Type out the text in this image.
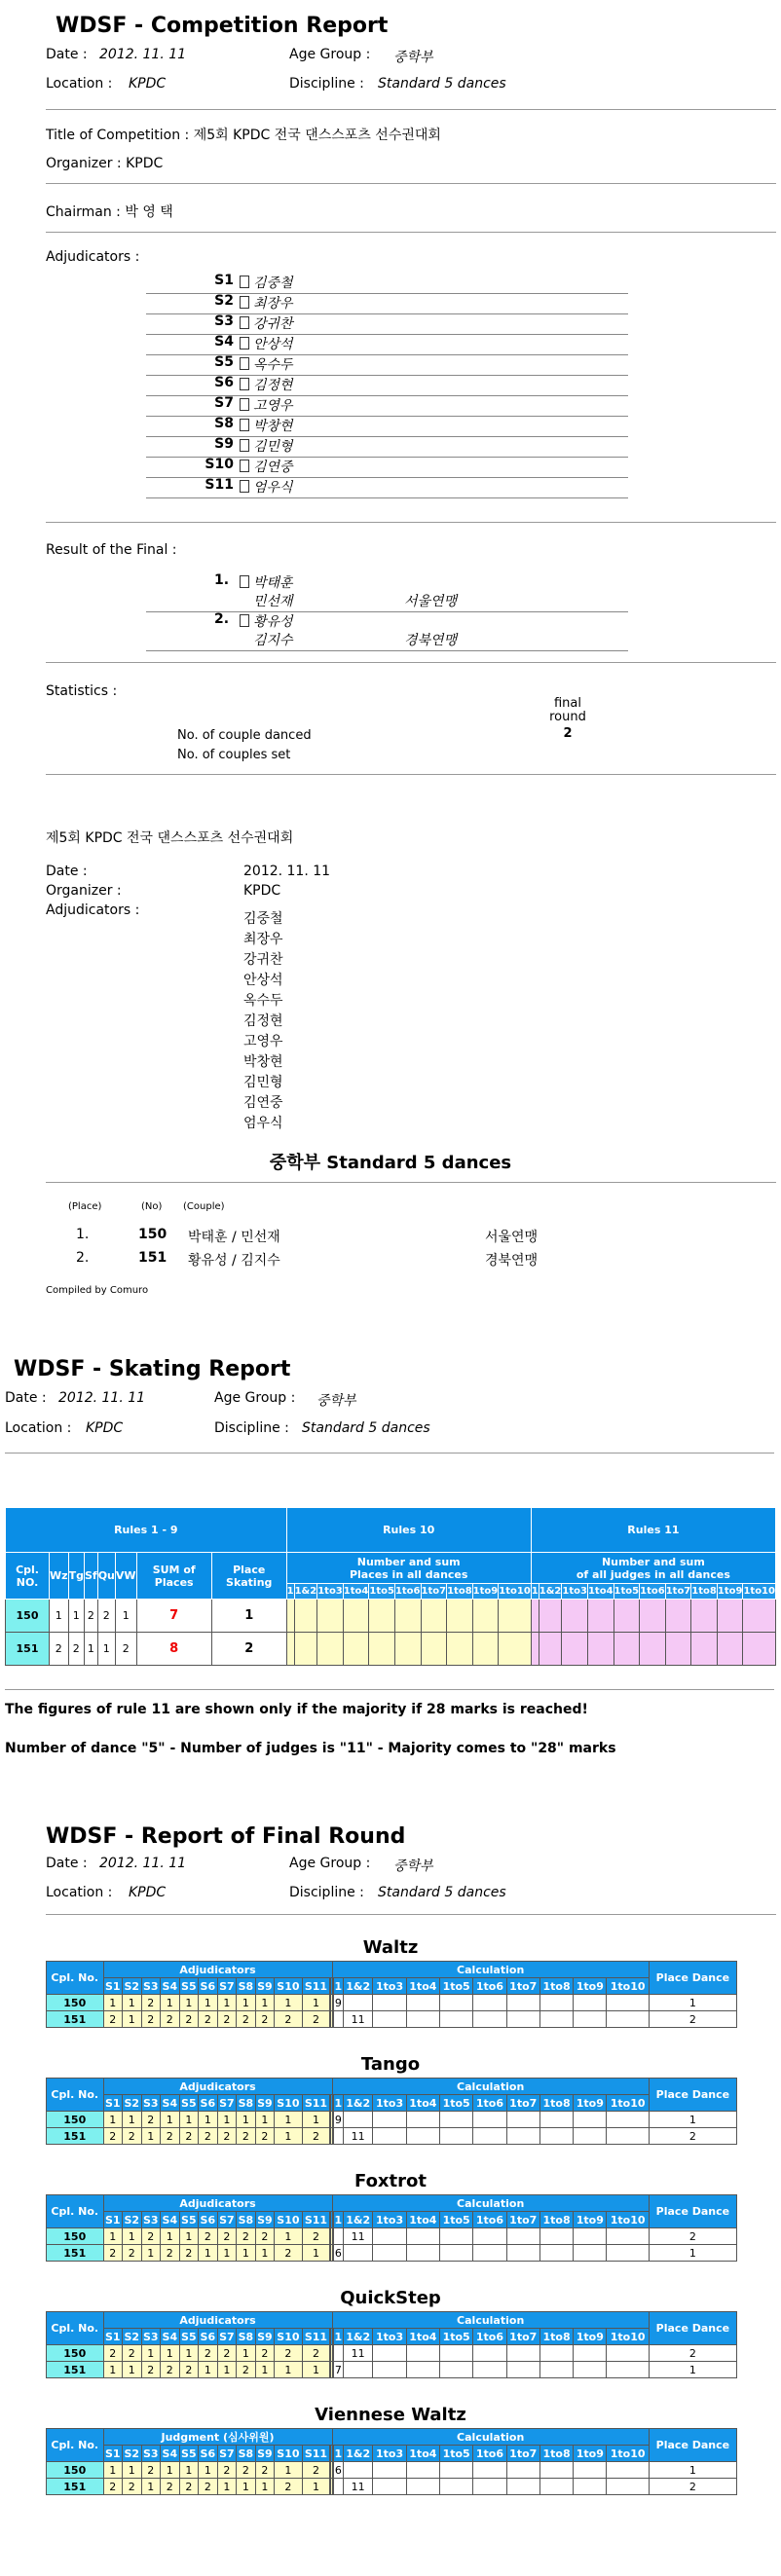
WDSF - Competition Report
Date : 2012. 11. 11	Age Group : 중학부
Location : KPDC	Discipline : Standard 5 dances
Title of Competition : 제5회 KPDC 전국 댄스스포츠 선수권대회
Organizer : KPDC
Chairman : 박 영 택
Adjudicators :
S1 김중철
S2 최장우
S3 강귀찬
S4 안상석
S5 옥수두
S6 김정현
S7 고영우
S8 박창현
S9 김민형
S10 김연중
S11 엄우식
Result of the Final :
1. 박태훈
민선재	서울연맹
2. 황유성
김지수	경북연맹
Statistics :
final
round
2
No. of couple danced
No. of couples set
제5회 KPDC 전국 댄스스포츠 선수권대회
Date :	2012. 11. 11
Organizer :	KPDC
Adjudicators :
김중철
최장우
강귀찬
안상석
옥수두
김정현
고영우
박창현
김민형
김연중
엄우식
중학부 Standard 5 dances
(Place)	(No) (Couple)
1.	150 박태훈 / 민선재	서울연맹
2.	151 황유성 / 김지수	경북연맹
Compiled by Comuro
WDSF - Skating Report
Date : 2012. 11. 11	Age Group : 중학부
Location : KPDC	Discipline : Standard 5 dances
Rules 1 - 9								Rules 10										Rules 11									
Cpl. NO.	Wz	Tg	Sf	Qu	VW	SUM of Places	Place Skating	Number and sum
Places in all dances										Number and sum
of all judges in all dances									
								1	1&2	1to3	1to4	1to5	1to6	1to7	1to8	1to9	1to10	1	1&2	1to3	1to4	1to5	1to6	1to7	1to8	1to9	1to10
150	1	1	2	2	1	7	1																				
151	2	2	1	1	2	8	2																				
The figures of rule 11 are shown only if the majority if 28 marks is reached!
Number of dance "5" - Number of judges is "11" - Majority comes to "28" marks
WDSF - Report of Final Round
Date : 2012. 11. 11	Age Group : 중학부
Location : KPDC	Discipline : Standard 5 dances
Waltz
Cpl. No.	Adjudicators												Calculation										Place Dance
	S1	S2	S3	S4	S5	S6	S7	S8	S9	S10	S11				1	1&2	1to3	1to4	1to5	1to6	1to7	1to8	1to9	1to10	
150	1	1	2	1	1	1	1	1	1	1	1				9										1
151	2	1	2	2	2	2	2	2	2	2	2					11									2
Tango
Cpl. No.	Adjudicators												Calculation										Place Dance
	S1	S2	S3	S4	S5	S6	S7	S8	S9	S10	S11				1	1&2	1to3	1to4	1to5	1to6	1to7	1to8	1to9	1to10	
150	1	1	2	1	1	1	1	1	1	1	1				9										1
151	2	2	1	2	2	2	2	2	2	1	2					11									2
Foxtrot
Cpl. No.	Adjudicators												Calculation										Place Dance
	S1	S2	S3	S4	S5	S6	S7	S8	S9	S10	S11				1	1&2	1to3	1to4	1to5	1to6	1to7	1to8	1to9	1to10	
150	1	1	2	1	1	2	2	2	2	1	2					11									2
151	2	2	1	2	2	1	1	1	1	2	1				6										1
QuickStep
Cpl. No.	Adjudicators												Calculation										Place Dance
	S1	S2	S3	S4	S5	S6	S7	S8	S9	S10	S11				1	1&2	1to3	1to4	1to5	1to6	1to7	1to8	1to9	1to10	
150	2	2	1	1	1	2	2	1	2	2	2					11									2
151	1	1	2	2	2	1	1	2	1	1	1				7										1
Viennese Waltz
Cpl. No.	Judgment (심사위원)												Calculation										Place Dance
	S1	S2	S3	S4	S5	S6	S7	S8	S9	S10	S11				1	1&2	1to3	1to4	1to5	1to6	1to7	1to8	1to9	1to10	
150	1	1	2	1	1	1	2	2	2	1	2				6										1
151	2	2	1	2	2	2	1	1	1	2	1					11									2
